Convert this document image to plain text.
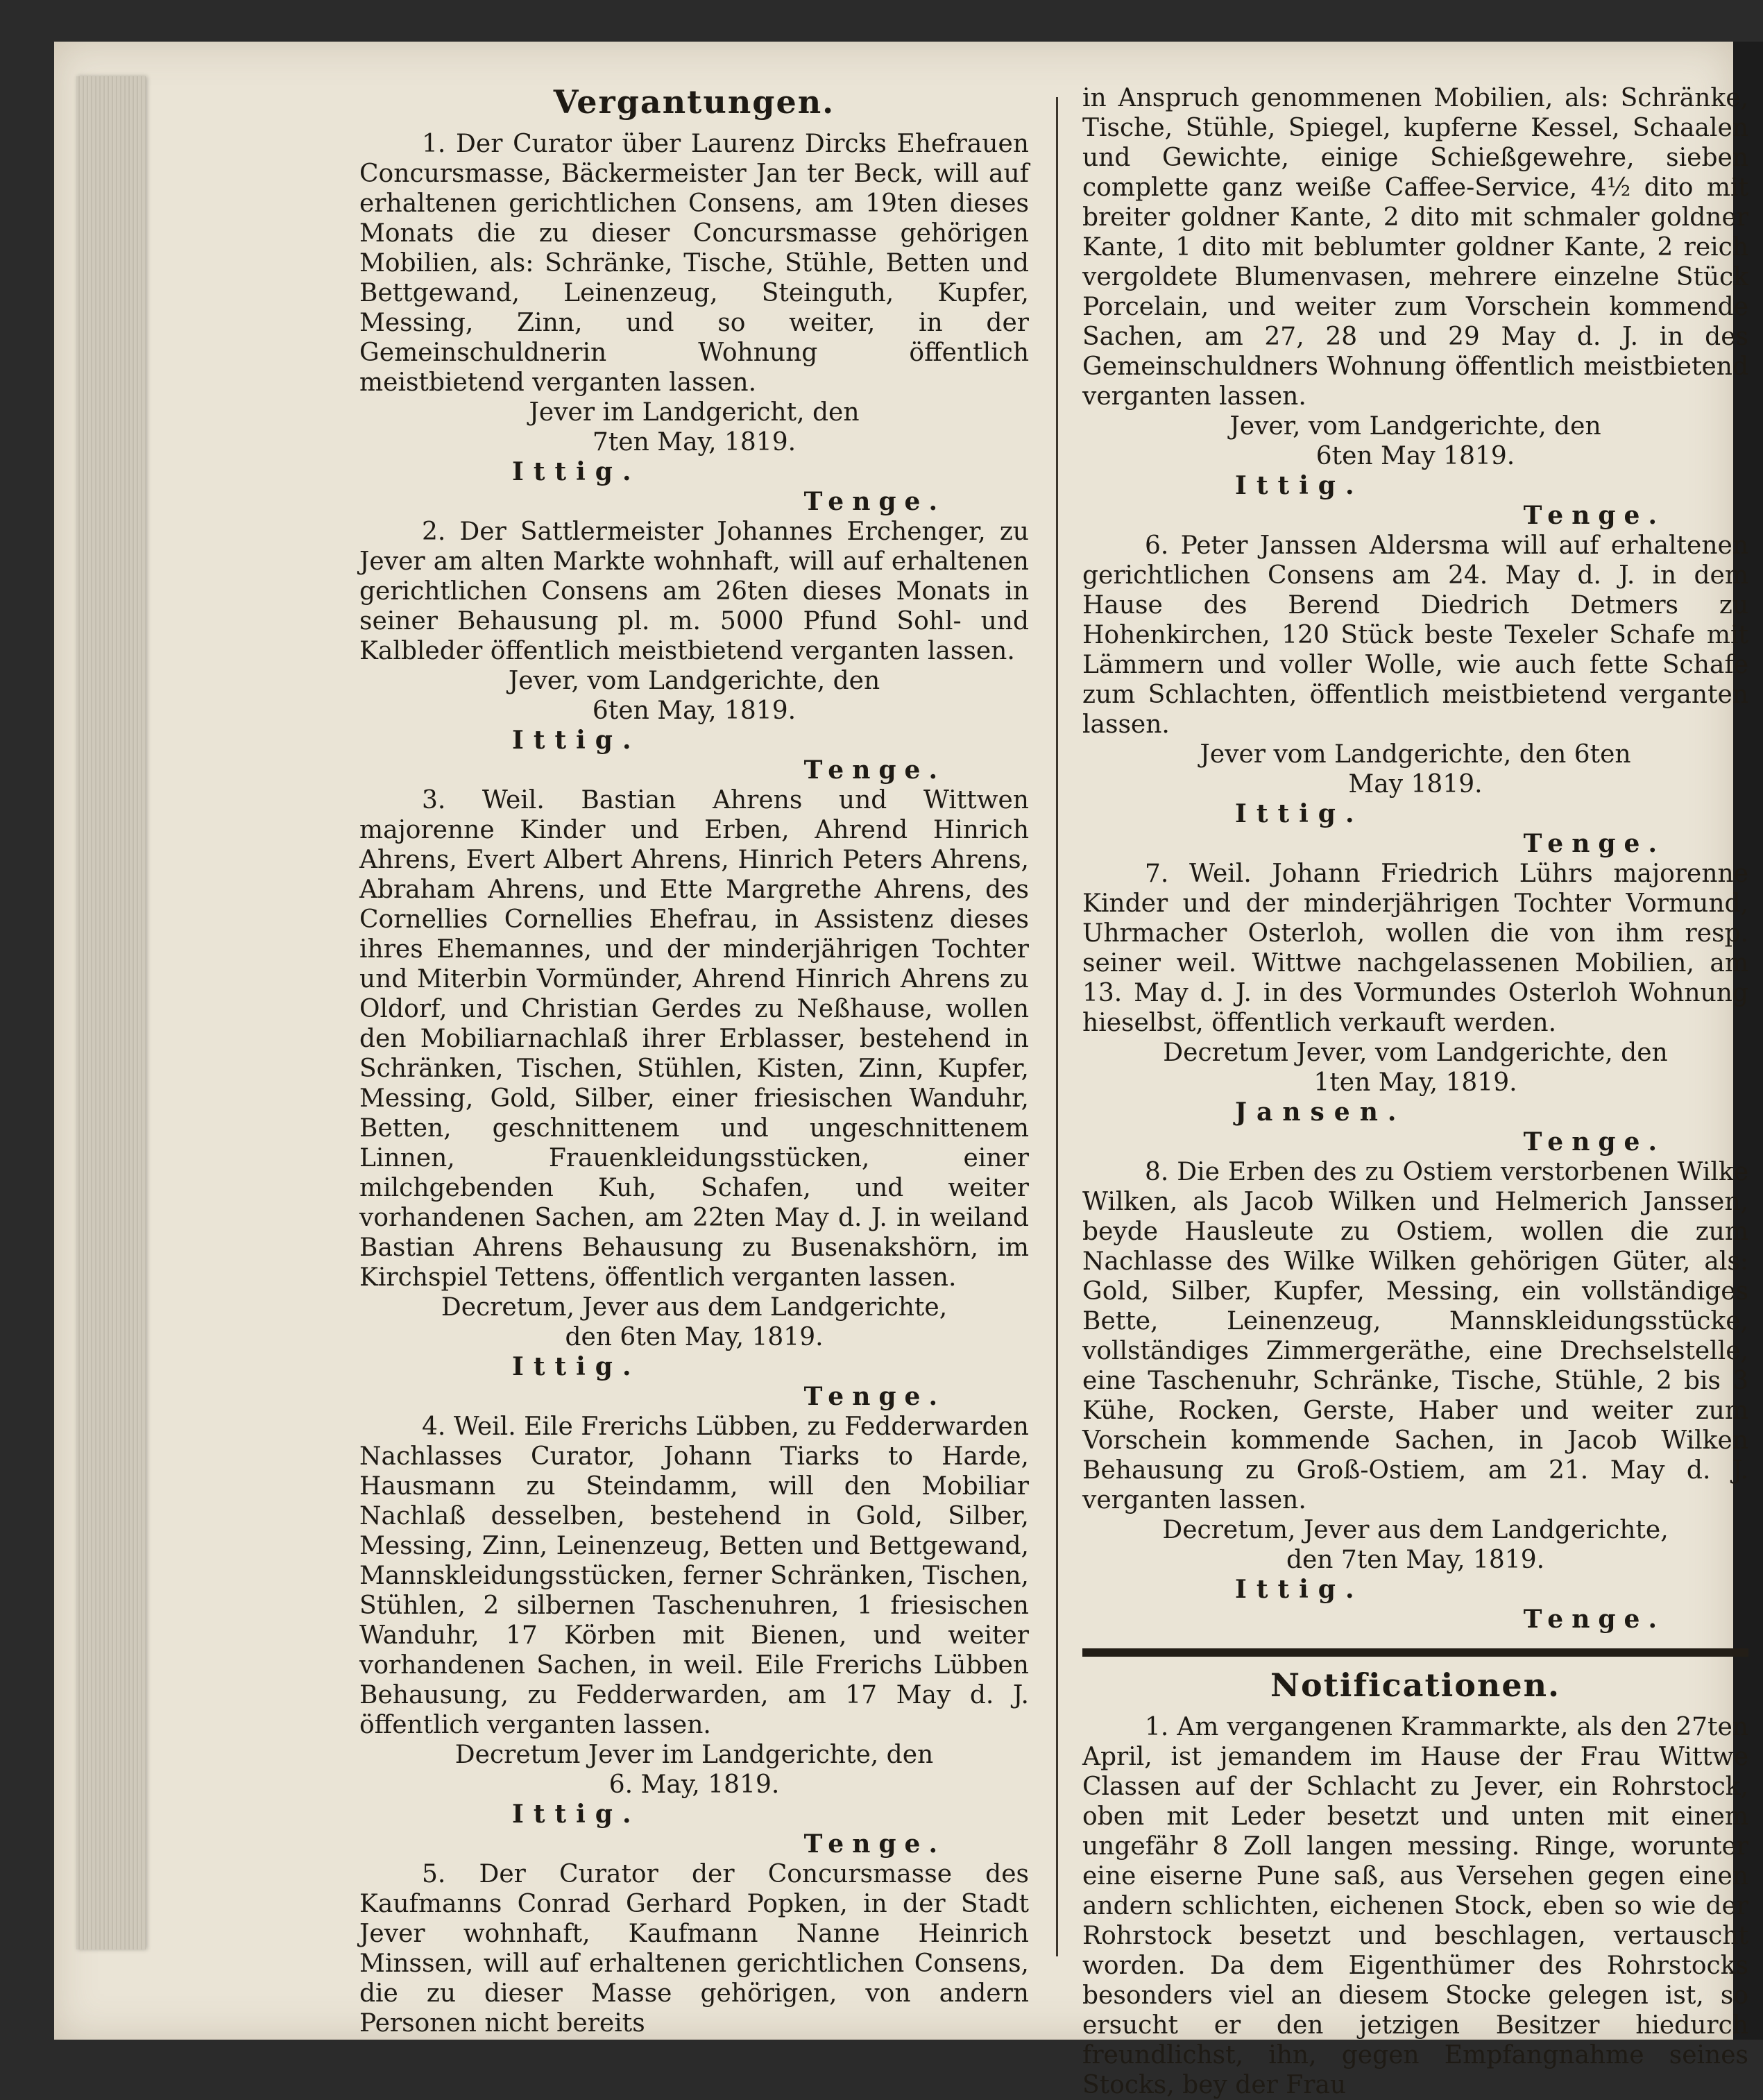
Vergantungen.

1. Der Curator über Laurenz Dircks Ehefrauen Concursmasse, Bäckermeister Jan ter Beck, will auf erhaltenen gerichtlichen Consens, am 19ten dieses Monats die zu dieser Concursmasse gehörigen Mobilien, als: Schränke, Tische, Stühle, Betten und Bettgewand, Leinenzeug, Steinguth, Kupfer, Messing, Zinn, und so weiter, in der Gemeinschuldnerin Wohnung öffentlich meistbietend verganten lassen.

Jever im Landgericht, den

7ten May, 1819.

Ittig.

Tenge.

2. Der Sattlermeister Johannes Erchenger, zu Jever am alten Markte wohnhaft, will auf erhaltenen gerichtlichen Consens am 26ten dieses Monats in seiner Behausung pl. m. 5000 Pfund Sohl- und Kalbleder öffentlich meistbietend verganten lassen.

Jever, vom Landgerichte, den

6ten May, 1819.

Ittig.

Tenge.

3. Weil. Bastian Ahrens und Wittwen majorenne Kinder und Erben, Ahrend Hinrich Ahrens, Evert Albert Ahrens, Hinrich Peters Ahrens, Abraham Ahrens, und Ette Margrethe Ahrens, des Cornellies Cornellies Ehefrau, in Assistenz dieses ihres Ehemannes, und der minderjährigen Tochter und Miterbin Vormünder, Ahrend Hinrich Ahrens zu Oldorf, und Christian Gerdes zu Neßhause, wollen den Mobiliarnachlaß ihrer Erblasser, bestehend in Schränken, Tischen, Stühlen, Kisten, Zinn, Kupfer, Messing, Gold, Silber, einer friesischen Wanduhr, Betten, geschnittenem und ungeschnittenem Linnen, Frauenkleidungsstücken, einer milchgebenden Kuh, Schafen, und weiter vorhandenen Sachen, am 22ten May d. J. in weiland Bastian Ahrens Behausung zu Busenakshörn, im Kirchspiel Tettens, öffentlich verganten lassen.

Decretum, Jever aus dem Landgerichte,

den 6ten May, 1819.

Ittig.

Tenge.

4. Weil. Eile Frerichs Lübben, zu Fedderwarden Nachlasses Curator, Johann Tiarks to Harde, Hausmann zu Steindamm, will den Mobiliar Nachlaß desselben, bestehend in Gold, Silber, Messing, Zinn, Leinenzeug, Betten und Bettgewand, Mannskleidungsstücken, ferner Schränken, Tischen, Stühlen, 2 silbernen Taschenuhren, 1 friesischen Wanduhr, 17 Körben mit Bienen, und weiter vorhandenen Sachen, in weil. Eile Frerichs Lübben Behausung, zu Fedderwarden, am 17 May d. J. öffentlich verganten lassen.

Decretum Jever im Landgerichte, den

6. May, 1819.

Ittig.

Tenge.

5. Der Curator der Concursmasse des Kaufmanns Conrad Gerhard Popken, in der Stadt Jever wohnhaft, Kaufmann Nanne Heinrich Minssen, will auf erhaltenen gerichtlichen Consens, die zu dieser Masse gehörigen, von andern Personen nicht bereits

in Anspruch genommenen Mobilien, als: Schränke, Tische, Stühle, Spiegel, kupferne Kessel, Schaalen und Gewichte, einige Schießgewehre, sieben complette ganz weiße Caffee-Service, 4½ dito mit breiter goldner Kante, 2 dito mit schmaler goldner Kante, 1 dito mit beblumter goldner Kante, 2 reich vergoldete Blumenvasen, mehrere einzelne Stück Porcelain, und weiter zum Vorschein kommende Sachen, am 27, 28 und 29 May d. J. in des Gemeinschuldners Wohnung öffentlich meistbietend verganten lassen.

Jever, vom Landgerichte, den

6ten May 1819.

Ittig.

Tenge.

6. Peter Janssen Aldersma will auf erhaltenen gerichtlichen Consens am 24. May d. J. in dem Hause des Berend Diedrich Detmers zu Hohenkirchen, 120 Stück beste Texeler Schafe mit Lämmern und voller Wolle, wie auch fette Schafe zum Schlachten, öffentlich meistbietend verganten lassen.

Jever vom Landgerichte, den 6ten

May 1819.

Ittig.

Tenge.

7. Weil. Johann Friedrich Lührs majorenne Kinder und der minderjährigen Tochter Vormund, Uhrmacher Osterloh, wollen die von ihm resp. seiner weil. Wittwe nachgelassenen Mobilien, am 13. May d. J. in des Vormundes Osterloh Wohnung hieselbst, öffentlich verkauft werden.

Decretum Jever, vom Landgerichte, den

1ten May, 1819.

Jansen.

Tenge.

8. Die Erben des zu Ostiem verstorbenen Wilke Wilken, als Jacob Wilken und Helmerich Janssen, beyde Hausleute zu Ostiem, wollen die zum Nachlasse des Wilke Wilken gehörigen Güter, als: Gold, Silber, Kupfer, Messing, ein vollständiges Bette, Leinenzeug, Mannskleidungsstücke, vollständiges Zimmergeräthe, eine Drechselstelle, eine Taschenuhr, Schränke, Tische, Stühle, 2 bis 3 Kühe, Rocken, Gerste, Haber und weiter zum Vorschein kommende Sachen, in Jacob Wilken Behausung zu Groß-Ostiem, am 21. May d. J. verganten lassen.

Decretum, Jever aus dem Landgerichte,

den 7ten May, 1819.

Ittig.

Tenge.

Notificationen.

1. Am vergangenen Krammarkte, als den 27ten April, ist jemandem im Hause der Frau Wittwe Classen auf der Schlacht zu Jever, ein Rohrstock, oben mit Leder besetzt und unten mit einem ungefähr 8 Zoll langen messing. Ringe, worunter eine eiserne Pune saß, aus Versehen gegen einen andern schlichten, eichenen Stock, eben so wie der Rohrstock besetzt und beschlagen, vertauscht worden. Da dem Eigenthümer des Rohrstocks besonders viel an diesem Stocke gelegen ist, so ersucht er den jetzigen Besitzer hiedurch freundlichst, ihn, gegen Empfangnahme seines Stocks, bey der Frau
